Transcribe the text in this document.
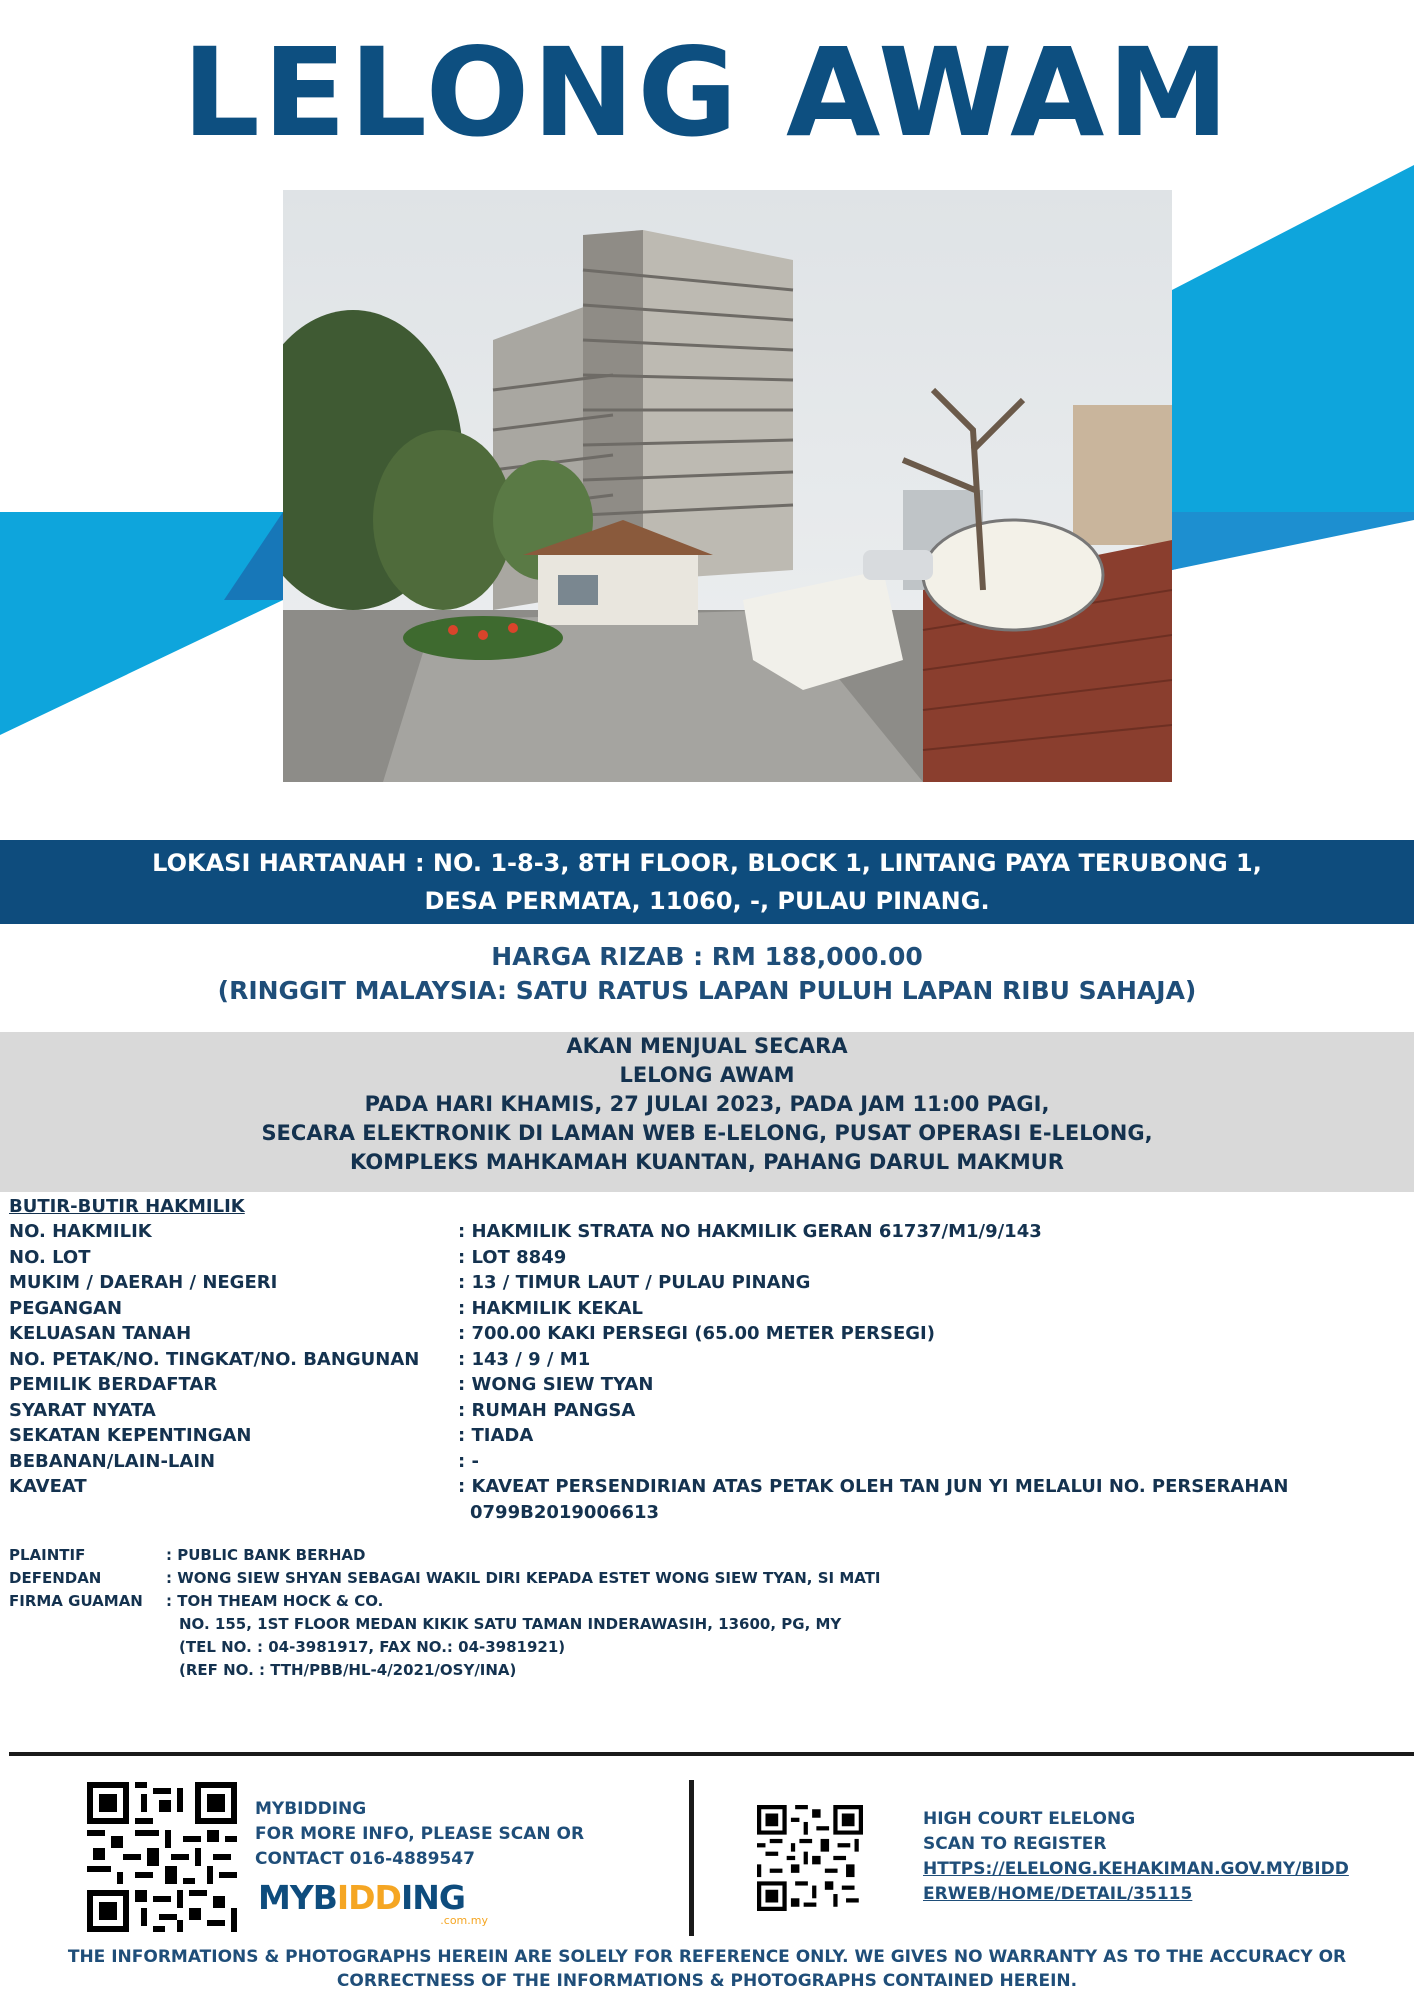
LELONG AWAM
LOKASI HARTANAH : NO. 1-8-3, 8TH FLOOR, BLOCK 1, LINTANG PAYA TERUBONG 1,
DESA PERMATA, 11060, -, PULAU PINANG.
HARGA RIZAB : RM 188,000.00
(RINGGIT MALAYSIA: SATU RATUS LAPAN PULUH LAPAN RIBU SAHAJA)
AKAN MENJUAL SECARA
LELONG AWAM
PADA HARI KHAMIS, 27 JULAI 2023, PADA JAM 11:00 PAGI,
SECARA ELEKTRONIK DI LAMAN WEB E-LELONG, PUSAT OPERASI E-LELONG,
KOMPLEKS MAHKAMAH KUANTAN, PAHANG DARUL MAKMUR
BUTIR-BUTIR HAKMILIK
NO. HAKMILIK	: HAKMILIK STRATA NO HAKMILIK GERAN 61737/M1/9/143
NO. LOT	: LOT 8849
MUKIM / DAERAH / NEGERI	: 13 / TIMUR LAUT / PULAU PINANG
PEGANGAN	: HAKMILIK KEKAL
KELUASAN TANAH	: 700.00 KAKI PERSEGI (65.00 METER PERSEGI)
NO. PETAK/NO. TINGKAT/NO. BANGUNAN : 143 / 9 / M1
PEMILIK BERDAFTAR	: WONG SIEW TYAN
SYARAT NYATA	: RUMAH PANGSA
SEKATAN KEPENTINGAN	: TIADA
BEBANAN/LAIN-LAIN	: -
KAVEAT	: KAVEAT PERSENDIRIAN ATAS PETAK OLEH TAN JUN YI MELALUI NO. PERSERAHAN
0799B2019006613
PLAINTIF	: PUBLIC BANK BERHAD
DEFENDAN	: WONG SIEW SHYAN SEBAGAI WAKIL DIRI KEPADA ESTET WONG SIEW TYAN, SI MATI
FIRMA GUAMAN : TOH THEAM HOCK & CO.
NO. 155, 1ST FLOOR MEDAN KIKIK SATU TAMAN INDERAWASIH, 13600, PG, MY
(TEL NO. : 04-3981917, FAX NO.: 04-3981921)
(REF NO. : TTH/PBB/HL-4/2021/OSY/INA)
MYBIDDING
FOR MORE INFO, PLEASE SCAN OR
CONTACT 016-4889547
MYBIDDING
.com.my
HIGH COURT ELELONG
SCAN TO REGISTER
HTTPS://ELELONG.KEHAKIMAN.GOV.MY/BIDD
ERWEB/HOME/DETAIL/35115
THE INFORMATIONS & PHOTOGRAPHS HEREIN ARE SOLELY FOR REFERENCE ONLY. WE GIVES NO WARRANTY AS TO THE ACCURACY OR
CORRECTNESS OF THE INFORMATIONS & PHOTOGRAPHS CONTAINED HEREIN.
